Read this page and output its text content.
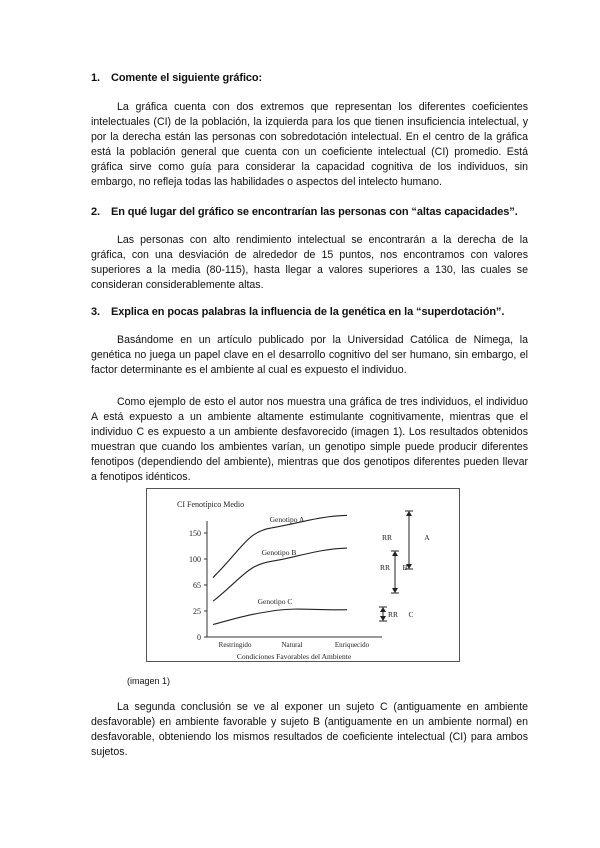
1. Comente el siguiente gráfico:

La gráfica cuenta con dos extremos que representan los diferentes coeficientes intelectuales (CI) de la población, la izquierda para los que tienen insuficiencia intelectual, y por la derecha están las personas con sobredotación intelectual. En el centro de la gráfica está la población general que cuenta con un coeficiente intelectual (CI) promedio. Está gráfica sirve como guía para considerar la capacidad cognitiva de los individuos, sin embargo, no refleja todas las habilidades o aspectos del intelecto humano.

2. En qué lugar del gráfico se encontrarían las personas con “altas capacidades”.

Las personas con alto rendimiento intelectual se encontrarán a la derecha de la gráfica, con una desviación de alrededor de 15 puntos, nos encontramos con valores superiores a la media (80-115), hasta llegar a valores superiores a 130, las cuales se consideran considerablemente altas.

3. Explica en pocas palabras la influencia de la genética en la “superdotación”.

Basándome en un artículo publicado por la Universidad Católica de Nimega, la genética no juega un papel clave en el desarrollo cognitivo del ser humano, sin embargo, el factor determinante es el ambiente al cual es expuesto el individuo.

Como ejemplo de esto el autor nos muestra una gráfica de tres individuos, el individuo A está expuesto a un ambiente altamente estimulante cognitivamente, mientras que el individuo C es expuesto a un ambiente desfavorecido (imagen 1). Los resultados obtenidos muestran que cuando los ambientes varían, un genotipo simple puede producir diferentes fenotipos (dependiendo del ambiente), mientras que dos genotipos diferentes pueden llevar a fenotipos idénticos.

CI Fenotípico Medio
0
25
65
100
150
Restringido	Natural	Enriquecido
Genotipo A
Genotipo B
Genotipo C
RR	A
RR B
RR C
Condiciones Favorables del Ambiente
(imagen 1)

La segunda conclusión se ve al exponer un sujeto C (antiguamente en ambiente desfavorable) en ambiente favorable y sujeto B (antiguamente en un ambiente normal) en desfavorable, obteniendo los mismos resultados de coeficiente intelectual (CI) para ambos sujetos.
